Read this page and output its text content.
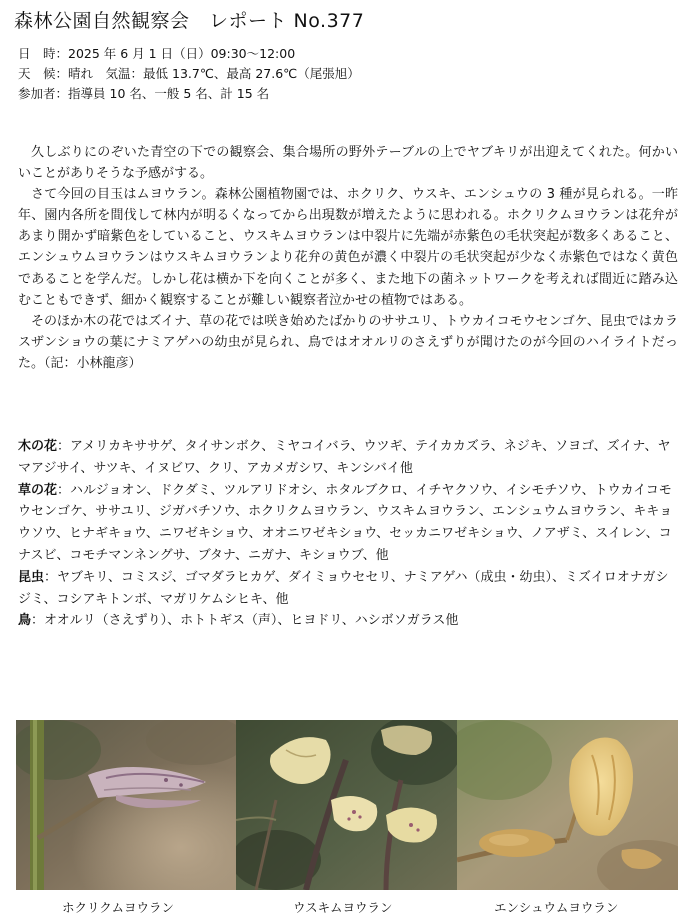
森林公園自然観察会　レポート No.377
日　時：2025 年 6 月 1 日（日）09:30〜12:00
天　候：晴れ　気温：最低 13.7℃、最高 27.6℃（尾張旭）
参加者：指導員 10 名、一般 5 名、計 15 名

久しぶりにのぞいた青空の下での観察会、集合場所の野外テーブルの上でヤブキリが出迎えてくれた。何かいいことがありそうな予感がする。

さて今回の目玉はムヨウラン。森林公園植物園では、ホクリク、ウスキ、エンシュウの 3 種が見られる。一昨年、園内各所を間伐して林内が明るくなってから出現数が増えたように思われる。ホクリクムヨウランは花弁があまり開かず暗紫色をしていること、ウスキムヨウランは中裂片に先端が赤紫色の毛状突起が数多くあること、エンシュウムヨウランはウスキムヨウランより花弁の黄色が濃く中裂片の毛状突起が少なく赤紫色ではなく黄色であることを学んだ。しかし花は横か下を向くことが多く、また地下の菌ネットワークを考えれば間近に踏み込むこともできず、細かく観察することが難しい観察者泣かせの植物ではある。

そのほか木の花ではズイナ、草の花では咲き始めたばかりのササユリ、トウカイコモウセンゴケ、昆虫ではカラスザンショウの葉にナミアゲハの幼虫が見られ、鳥ではオオルリのさえずりが聞けたのが今回のハイライトだった。（記：小林龍彦）

木の花：アメリカキササゲ、タイサンボク、ミヤコイバラ、ウツギ、テイカカズラ、ネジキ、ソヨゴ、ズイナ、ヤマアジサイ、サツキ、イヌビワ、クリ、アカメガシワ、キンシバイ他

草の花：ハルジョオン、ドクダミ、ツルアリドオシ、ホタルブクロ、イチヤクソウ、イシモチソウ、トウカイコモウセンゴケ、ササユリ、ジガバチソウ、ホクリクムヨウラン、ウスキムヨウラン、エンシュウムヨウラン、キキョウソウ、ヒナギキョウ、ニワゼキショウ、オオニワゼキショウ、セッカニワゼキショウ、ノアザミ、スイレン、コナスビ、コモチマンネングサ、ブタナ、ニガナ、キショウブ、他

昆虫：ヤブキリ、コミスジ、ゴマダラヒカゲ、ダイミョウセセリ、ナミアゲハ（成虫・幼虫）、ミズイロオナガシジミ、コシアキトンボ、マガリケムシヒキ、他

鳥：オオルリ（さえずり）、ホトトギス（声）、ヒヨドリ、ハシボソガラス他

ホクリクムヨウラン	ウスキムヨウラン	エンシュウムヨウラン
